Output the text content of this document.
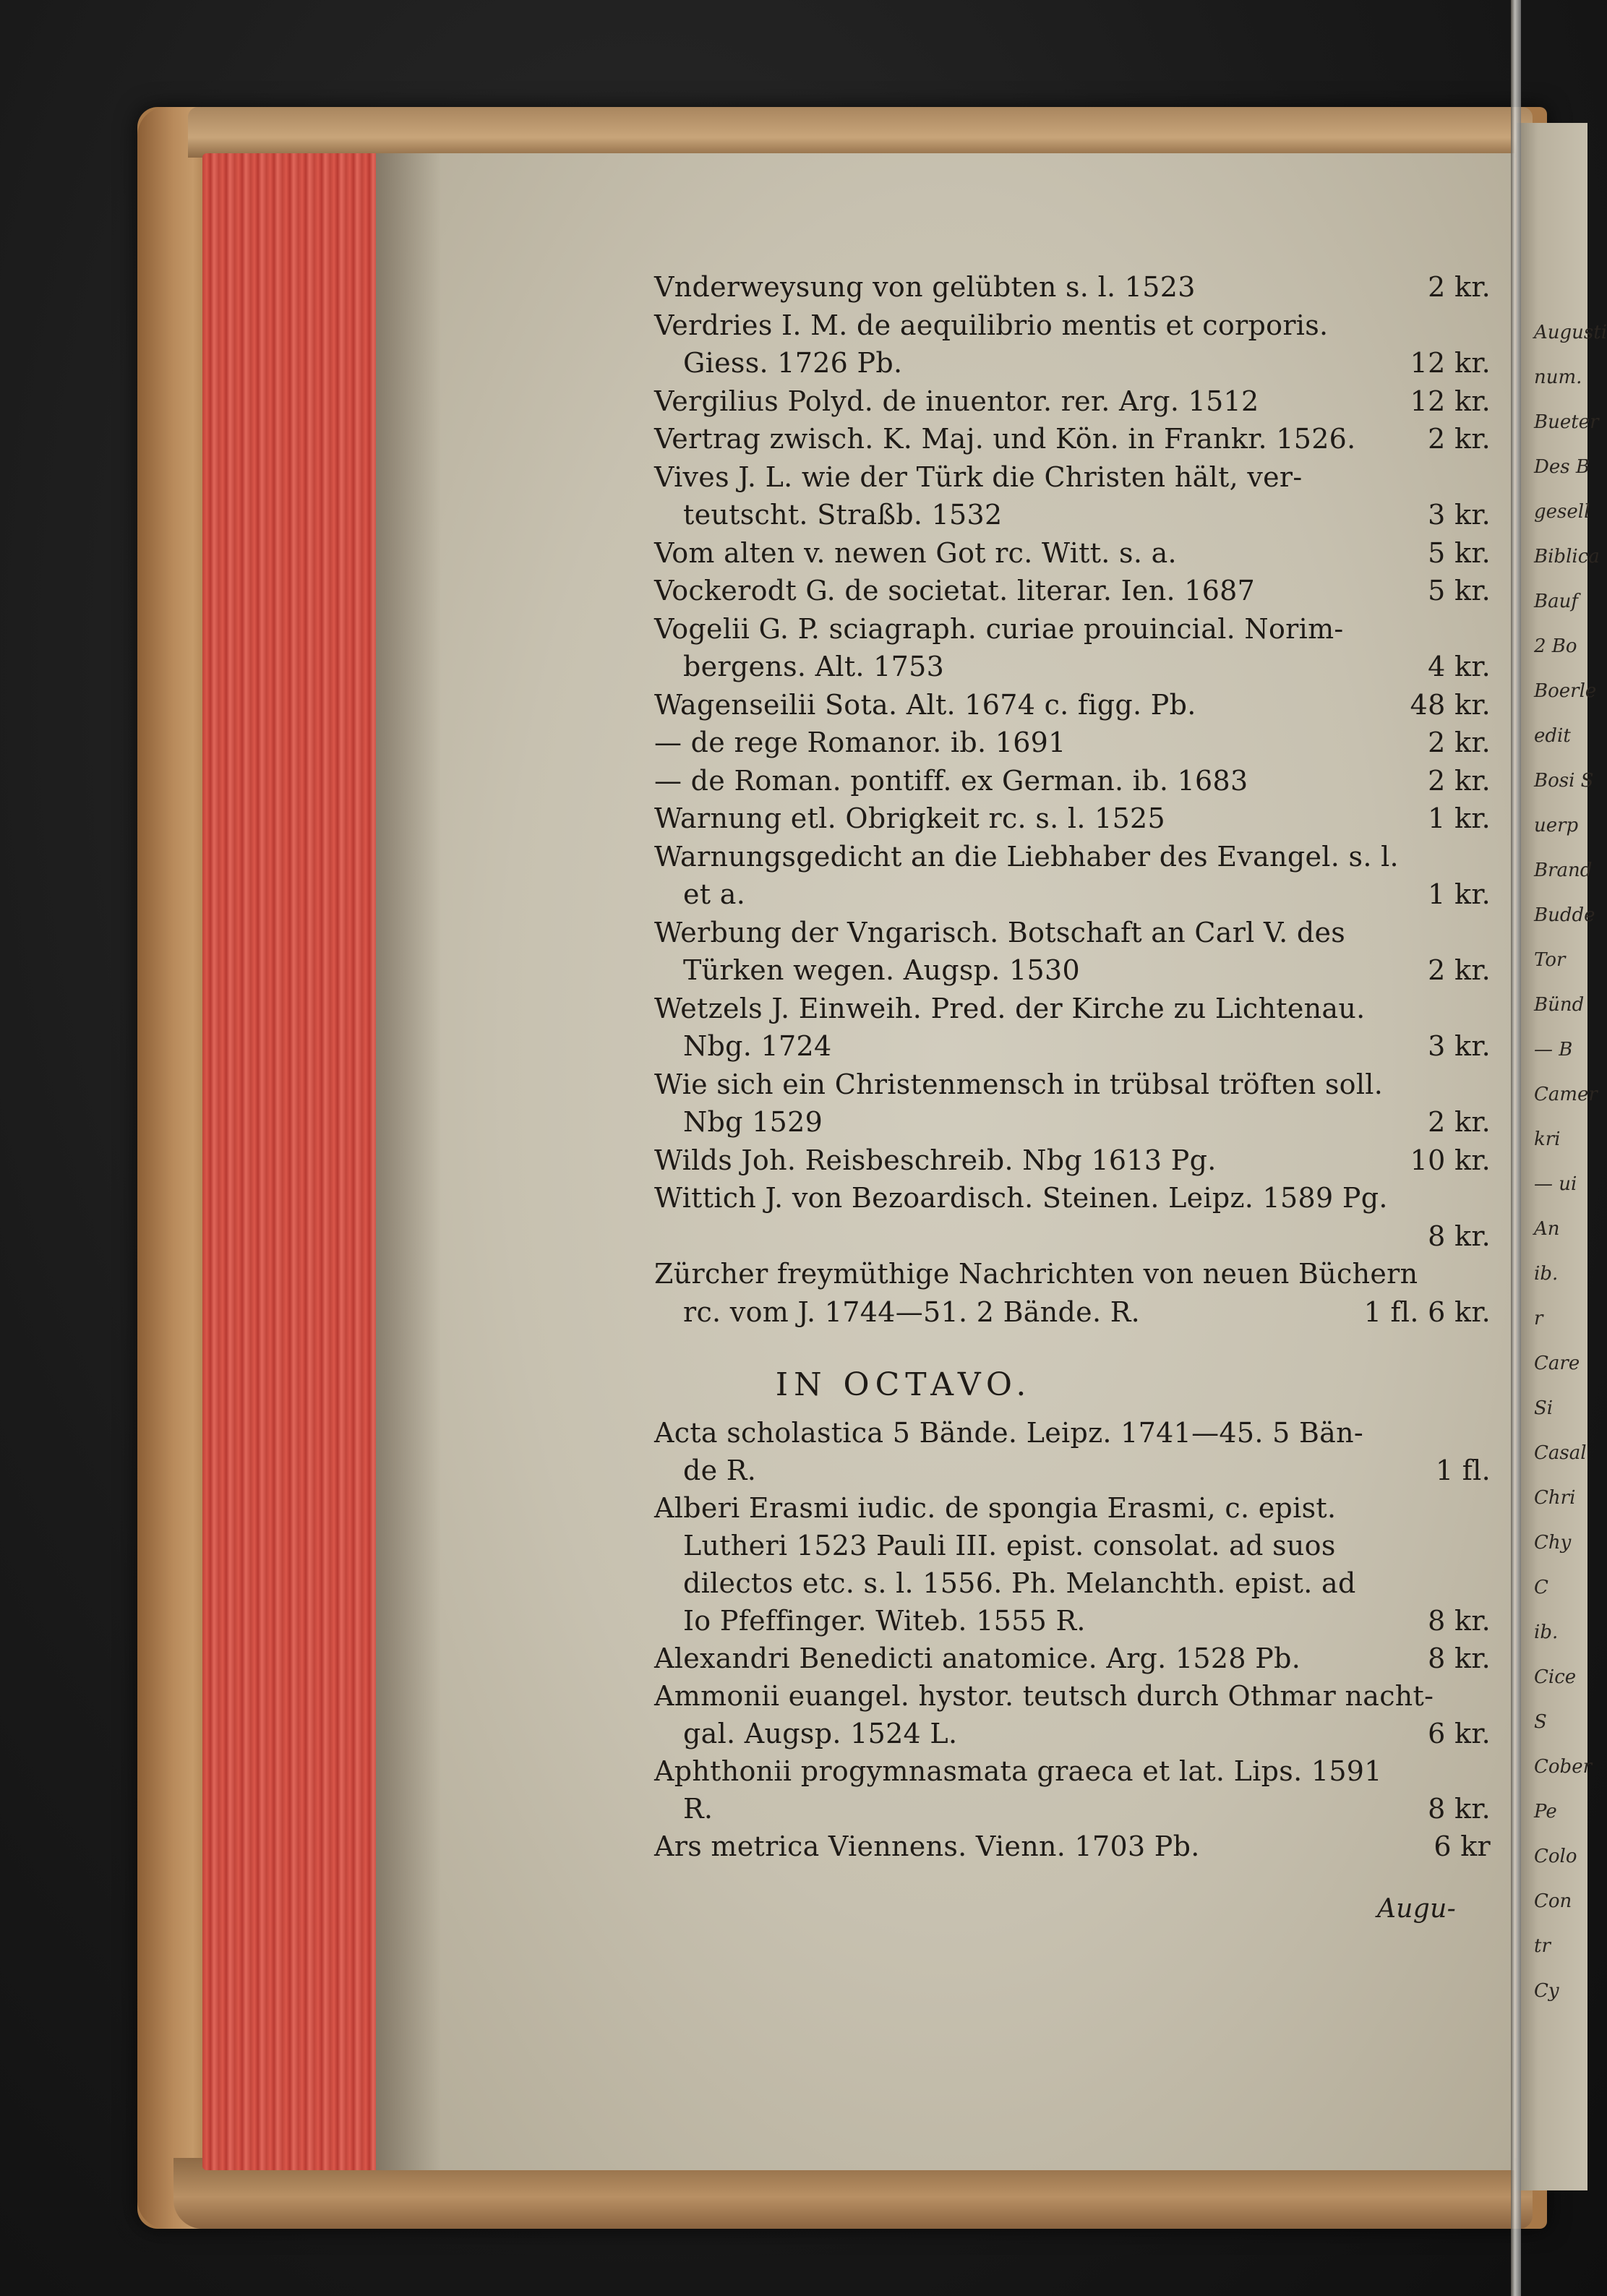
Augusti
num.
Bueter
Des B
gesell
Biblica
Bauf
2 Bo
Boerle
edit
Bosi S
uerp
Brand
Budde
Tor
Bünd
— B
Camer
kri
— ui
An
ib.
r
Care
Si
Casal
Chri
Chy
C
ib.
Cice
S
Cober
Pe
Colo
Con
tr
Cy
Vnderweysung von gelübten s. l. 1523	2 kr.
Verdries I. M. de aequilibrio mentis et corporis.
Giess. 1726 Pb.	12 kr.
Vergilius Polyd. de inuentor. rer. Arg. 1512	12 kr.
Vertrag zwisch. K. Maj. und Kön. in Frankr. 1526.	2 kr.
Vives J. L. wie der Türk die Christen hält, ver-
teutscht. Straßb. 1532	3 kr.
Vom alten v. newen Got rc. Witt. s. a.	5 kr.
Vockerodt G. de societat. literar. Ien. 1687	5 kr.
Vogelii G. P. sciagraph. curiae prouincial. Norim-
bergens. Alt. 1753	4 kr.
Wagenseilii Sota. Alt. 1674 c. figg. Pb.	48 kr.
— de rege Romanor. ib. 1691	2 kr.
— de Roman. pontiff. ex German. ib. 1683	2 kr.
Warnung etl. Obrigkeit rc. s. l. 1525	1 kr.
Warnungsgedicht an die Liebhaber des Evangel. s. l.
et a.	1 kr.
Werbung der Vngarisch. Botschaft an Carl V. des
Türken wegen. Augsp. 1530	2 kr.
Wetzels J. Einweih. Pred. der Kirche zu Lichtenau.
Nbg. 1724	3 kr.
Wie sich ein Christenmensch in trübsal tröften soll.
Nbg 1529	2 kr.
Wilds Joh. Reisbeschreib. Nbg 1613 Pg.	10 kr.
Wittich J. von Bezoardisch. Steinen. Leipz. 1589 Pg.
8 kr.
Zürcher freymüthige Nachrichten von neuen Büchern
rc. vom J. 1744—51. 2 Bände. R.	1 fl. 6 kr.
IN OCTAVO.
Acta scholastica 5 Bände. Leipz. 1741—45. 5 Bän-
de R.	1 fl.
Alberi Erasmi iudic. de spongia Erasmi, c. epist.
Lutheri 1523 Pauli III. epist. consolat. ad suos
dilectos etc. s. l. 1556. Ph. Melanchth. epist. ad
Io Pfeffinger. Witeb. 1555 R.	8 kr.
Alexandri Benedicti anatomice. Arg. 1528 Pb.	8 kr.
Ammonii euangel. hystor. teutsch durch Othmar nacht-
gal. Augsp. 1524 L.	6 kr.
Aphthonii progymnasmata graeca et lat. Lips. 1591
R.	8 kr.
Ars metrica Viennens. Vienn. 1703 Pb.	6 kr
Augu-
